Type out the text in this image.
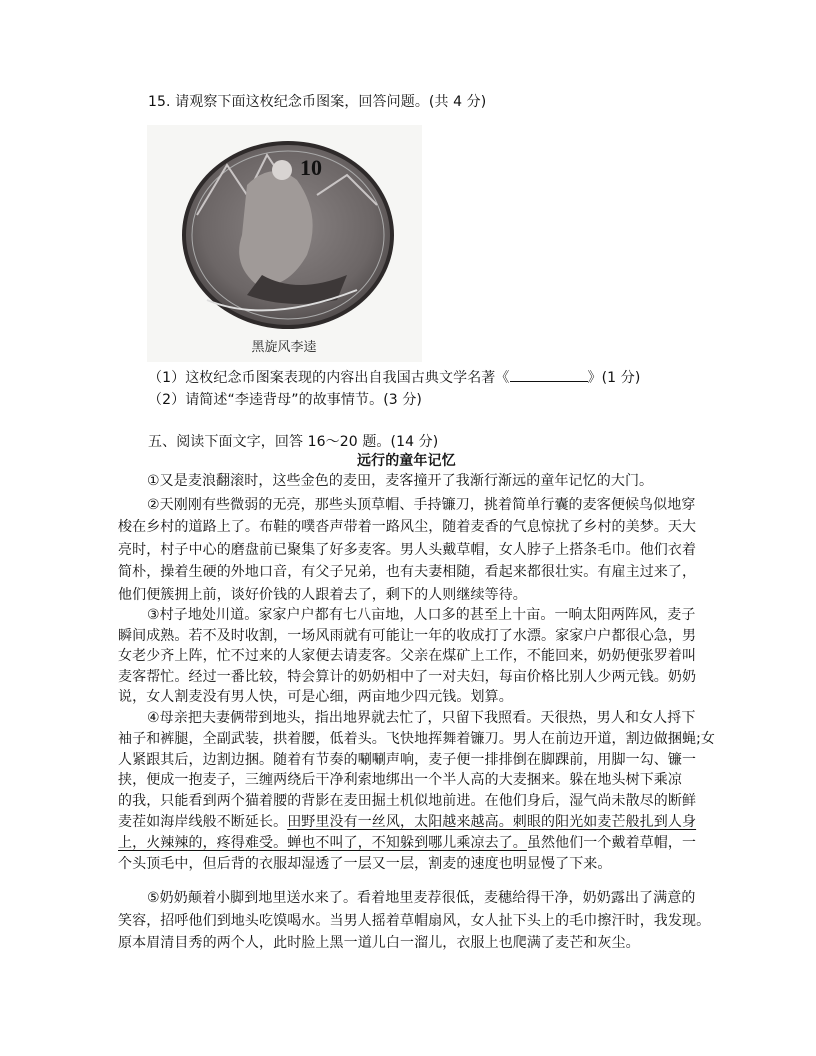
15. 请观察下面这枚纪念币图案，回答问题。(共 4 分)
10
黑旋风李逵
（1）这枚纪念币图案表现的内容出自我国古典文学名著《	》(1 分)
（2）请简述“李逵背母”的故事情节。(3 分)
五、阅读下面文字，回答 16～20 题。(14 分)
远行的童年记忆
①又是麦浪翻滚时，这些金色的麦田，麦客撞开了我渐行渐远的童年记忆的大门。
②天刚刚有些微弱的无亮，那些头顶草帽、手持镰刀，挑着简单行囊的麦客便候鸟似地穿
梭在乡村的道路上了。布鞋的噗沓声带着一路风尘，随着麦香的气息惊扰了乡村的美梦。天大
亮时，村子中心的磨盘前已聚集了好多麦客。男人头戴草帽，女人脖子上搭条毛巾。他们衣着
简朴，操着生硬的外地口音，有父子兄弟，也有夫妻相随，看起来都很壮实。有雇主过来了，
他们便簇拥上前，谈好价钱的人跟着去了，剩下的人则继续等待。
③村子地处川道。家家户户都有七八亩地，人口多的甚至上十亩。一晌太阳两阵风，麦子
瞬间成熟。若不及时收割，一场风雨就有可能让一年的收成打了水漂。家家户户都很心急，男
女老少齐上阵，忙不过来的人家便去请麦客。父亲在煤矿上工作，不能回来，奶奶便张罗着叫
麦客帮忙。经过一番比较，特会算计的奶奶相中了一对夫妇，每亩价格比别人少两元钱。奶奶
说，女人割麦没有男人快，可是心细，两亩地少四元钱。划算。
④母亲把夫妻俩带到地头，指出地界就去忙了，只留下我照看。天很热，男人和女人捋下
袖子和裤腿，全副武装，拱着腰，低着头。飞快地挥舞着镰刀。男人在前边开道，割边做捆蝇;女
人紧跟其后，边割边捆。随着有节奏的唰唰声响，麦子便一排排倒在脚踝前，用脚一勾、镰一
挟，便成一抱麦子，三缠两绕后干净利索地绑出一个半人高的大麦捆来。躲在地头树下乘凉
的我，只能看到两个猫着腰的背影在麦田掘土机似地前进。在他们身后，湿气尚未散尽的断鲜
麦茬如海岸线般不断延长。田野里没有一丝风，太阳越来越高。刺眼的阳光如麦芒般扎到人身
上，火辣辣的，疼得难受。蝉也不叫了，不知躲到哪儿乘凉去了。虽然他们一个戴着草帽，一
个头顶毛中，但后背的衣服却湿透了一层又一层，割麦的速度也明显慢了下来。
⑤奶奶颠着小脚到地里送水来了。看着地里麦荐很低，麦穗给得干净，奶奶露出了满意的
笑容，招呼他们到地头吃馍喝水。当男人摇着草帽扇风，女人扯下头上的毛巾擦汗时，我发现。
原本眉清目秀的两个人，此时脸上黑一道儿白一溜儿，衣服上也爬满了麦芒和灰尘。
